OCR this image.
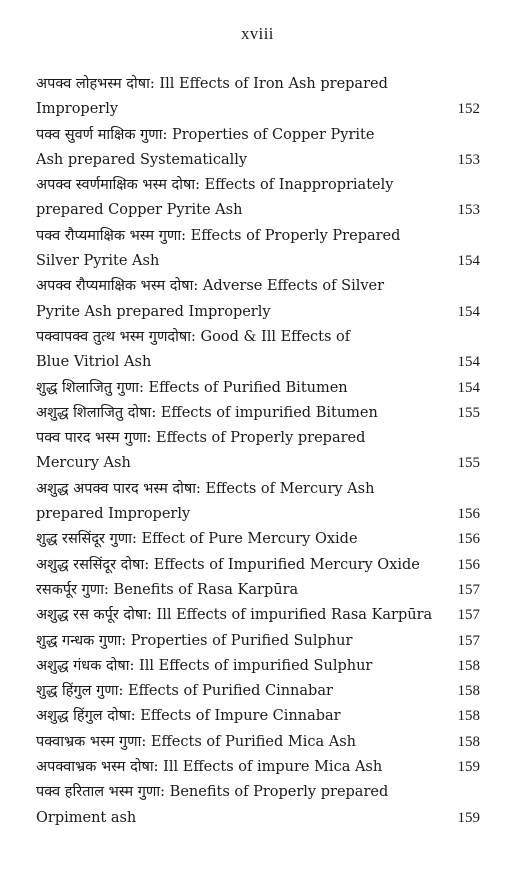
xviii
अपक्व लोहभस्म दोषा: Ill Effects of Iron Ash prepared
Improperly	152
पक्व सुवर्ण माक्षिक गुणा: Properties of Copper Pyrite
Ash prepared Systematically	153
अपक्व स्वर्णमाक्षिक भस्म दोषा: Effects of Inappropriately
prepared Copper Pyrite Ash	153
पक्व रौप्यमाक्षिक भस्म गुणा: Effects of Properly Prepared
Silver Pyrite Ash	154
अपक्व रौप्यमाक्षिक भस्म दोषा: Adverse Effects of Silver
Pyrite Ash prepared Improperly	154
पक्वापक्व तुत्थ भस्म गुणदोषा: Good & Ill Effects of
Blue Vitriol Ash	154
शुद्ध शिलाजितु गुणा: Effects of Purified Bitumen	154
अशुद्ध शिलाजितु दोषा: Effects of impurified Bitumen	155
पक्व पारद भस्म गुणा: Effects of Properly prepared
Mercury Ash	155
अशुद्ध अपक्व पारद भस्म दोषा: Effects of Mercury Ash
prepared Improperly	156
शुद्ध रससिंदूर गुणा: Effect of Pure Mercury Oxide	156
अशुद्ध रससिंदूर दोषा: Effects of Impurified Mercury Oxide	156
रसकर्पूर गुणा: Benefits of Rasa Karpūra	157
अशुद्ध रस कर्पूर दोषा: Ill Effects of impurified Rasa Karpūra	157
शुद्ध गन्धक गुणा: Properties of Purified Sulphur	157
अशुद्ध गंधक दोषा: Ill Effects of impurified Sulphur	158
शुद्ध हिंगुल गुणा: Effects of Purified Cinnabar	158
अशुद्ध हिंगुल दोषा: Effects of Impure Cinnabar	158
पक्वाभ्रक भस्म गुणा: Effects of Purified Mica Ash	158
अपक्वाभ्रक भस्म दोषा: Ill Effects of impure Mica Ash	159
पक्व हरिताल भस्म गुणा: Benefits of Properly prepared
Orpiment ash	159
